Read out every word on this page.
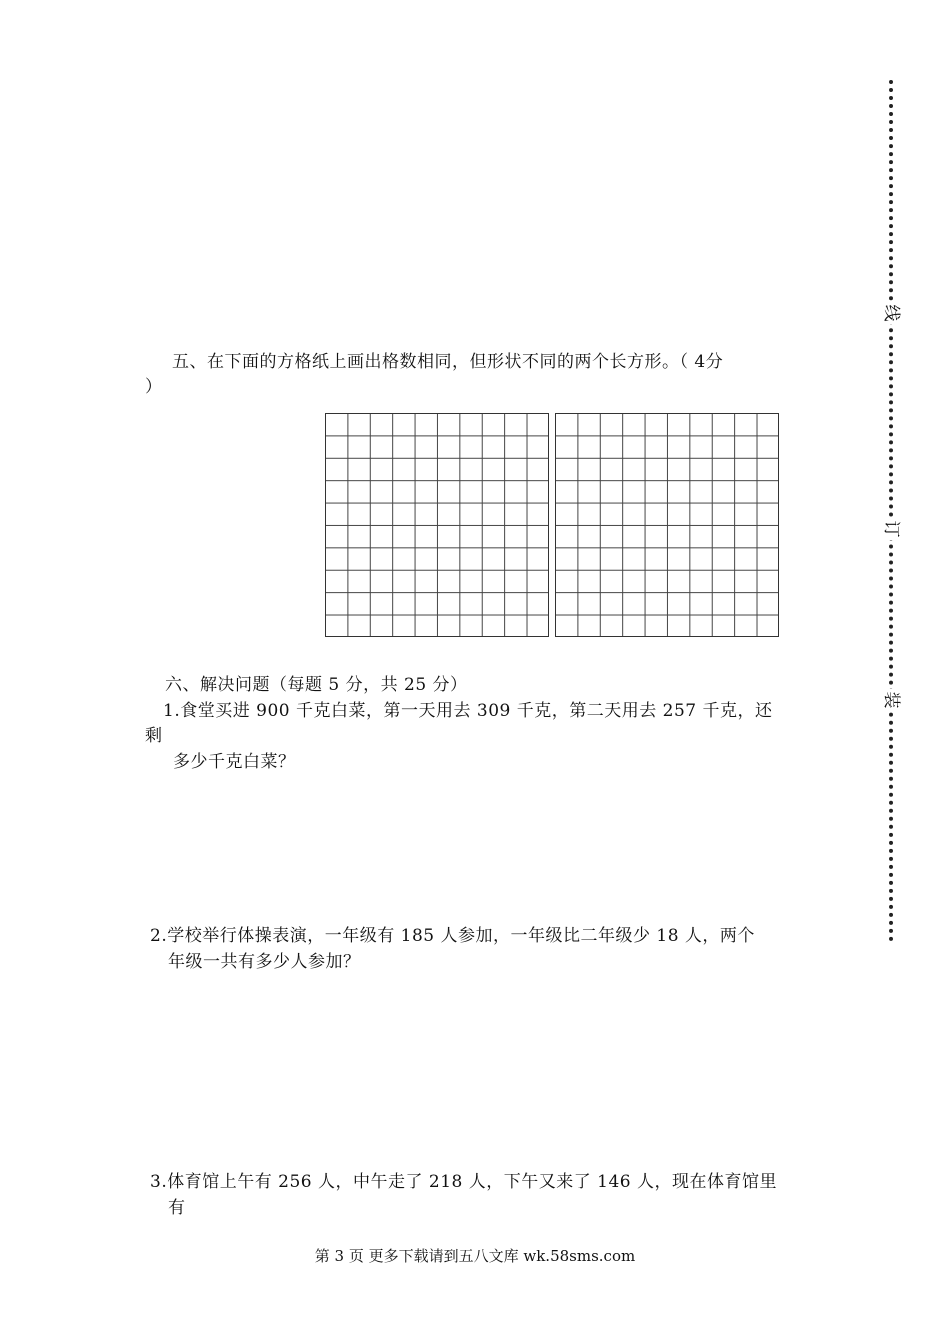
线
订
装
五、在下面的方格纸上画出格数相同，但形状不同的两个长方形。（ 4分
）
六、解决问题（每题 5 分，共 25 分）
1.食堂买进 900 千克白菜，第一天用去 309 千克，第二天用去 257 千克，还
剩
多少千克白菜？
2.学校举行体操表演，一年级有 185 人参加，一年级比二年级少 18 人，两个
年级一共有多少人参加？
3.体育馆上午有 256 人，中午走了 218 人，下午又来了 146 人，现在体育馆里
有
第 3 页 更多下载请到五八文库 wk.58sms.com
